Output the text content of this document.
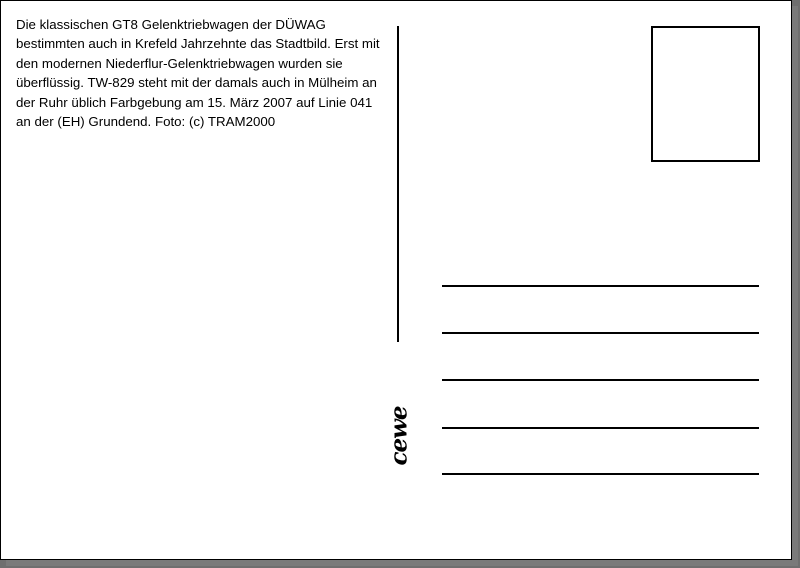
Die klassischen GT8 Gelenktriebwagen der DÜWAG bestimmten auch in Krefeld Jahrzehnte das Stadtbild. Erst mit den modernen Niederflur-Gelenktriebwagen wurden sie überflüssig. TW-829 steht mit der damals auch in Mülheim an der Ruhr üblich Farbgebung am 15. März 2007 auf Linie 041 an der (EH) Grundend. Foto: (c) TRAM2000

cewe
